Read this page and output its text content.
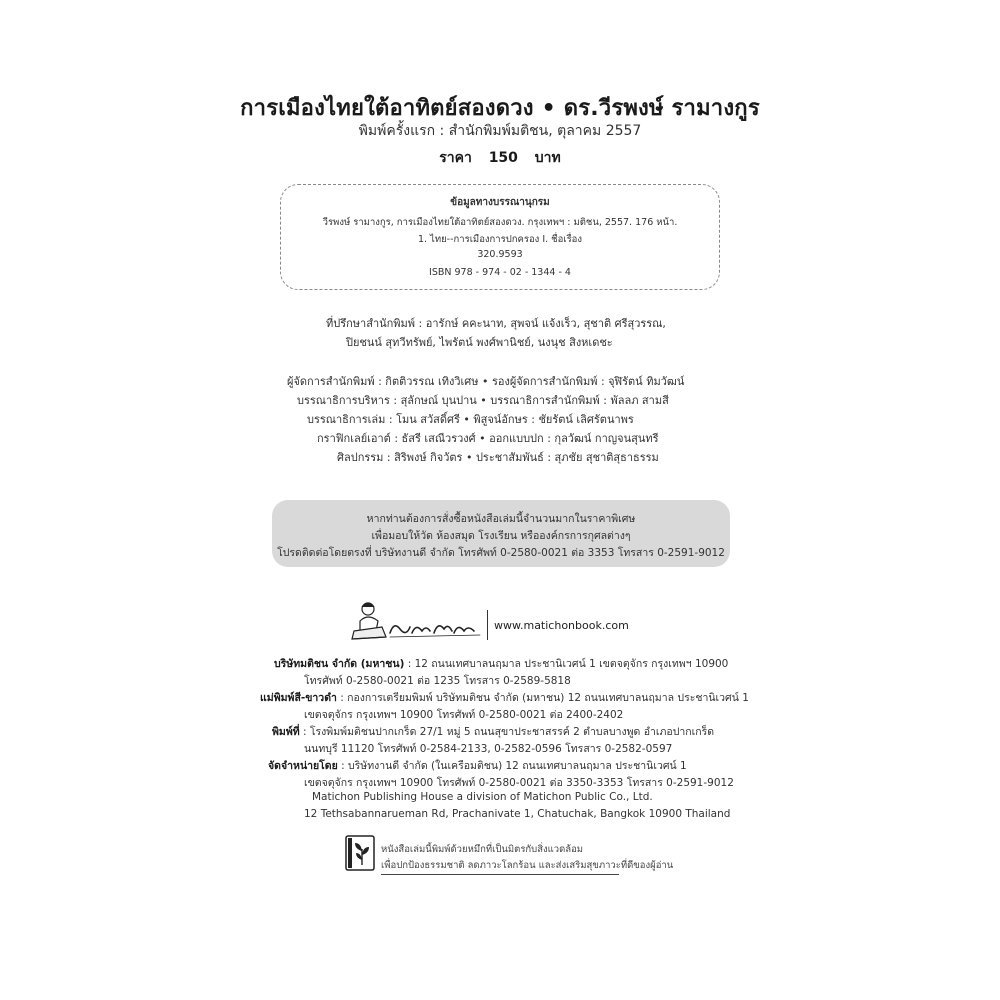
การเมืองไทยใต้อาทิตย์สองดวง • ดร.วีรพงษ์ รามางกูร
พิมพ์ครั้งแรก : สำนักพิมพ์มติชน, ตุลาคม 2557
ราคา 150 บาท
ข้อมูลทางบรรณานุกรม
วีรพงษ์ รามางกูร, การเมืองไทยใต้อาทิตย์สองดวง. กรุงเทพฯ : มติชน, 2557. 176 หน้า.
1. ไทย--การเมืองการปกครอง I. ชื่อเรื่อง
320.9593
ISBN 978 - 974 - 02 - 1344 - 4
ที่ปรึกษาสำนักพิมพ์ : อารักษ์ คคะนาท, สุพจน์ แจ้งเร็ว, สุชาติ ศรีสุวรรณ,
ปิยชนน์ สุทวีทรัพย์, ไพรัตน์ พงศ์พานิชย์, นงนุช สิงหเดชะ
ผู้จัดการสำนักพิมพ์ : กิตติวรรณ เทิงวิเศษ • รองผู้จัดการสำนักพิมพ์ : จุฬิรัตน์ ทิมวัฒน์
บรรณาธิการบริหาร : สุลักษณ์ บุนปาน • บรรณาธิการสำนักพิมพ์ : พัลลภ สามสี
บรรณาธิการเล่ม : โมน สวัสดิ์ศรี • พิสูจน์อักษร : ชัยรัตน์ เลิศรัตนาพร
กราฟิกเลย์เอาต์ : ธัสรี เสณีวรวงศ์ • ออกแบบปก : กุลวัฒน์ กาญจนสุนทรี
ศิลปกรรม : สิริพงษ์ กิจวัตร • ประชาสัมพันธ์ : สุภชัย สุชาติสุธาธรรม
หากท่านต้องการสั่งซื้อหนังสือเล่มนี้จำนวนมากในราคาพิเศษ
เพื่อมอบให้วัด ห้องสมุด โรงเรียน หรือองค์กรการกุศลต่างๆ
โปรดติดต่อโดยตรงที่ บริษัทงานดี จำกัด โทรศัพท์ 0-2580-0021 ต่อ 3353 โทรสาร 0-2591-9012
www.matichonbook.com
บริษัทมติชน จำกัด (มหาชน) : 12 ถนนเทศบาลนฤมาล ประชานิเวศน์ 1 เขตจตุจักร กรุงเทพฯ 10900
โทรศัพท์ 0-2580-0021 ต่อ 1235 โทรสาร 0-2589-5818
แม่พิมพ์สี-ขาวดำ : กองการเตรียมพิมพ์ บริษัทมติชน จำกัด (มหาชน) 12 ถนนเทศบาลนฤมาล ประชานิเวศน์ 1
เขตจตุจักร กรุงเทพฯ 10900 โทรศัพท์ 0-2580-0021 ต่อ 2400-2402
พิมพ์ที่ : โรงพิมพ์มติชนปากเกร็ด 27/1 หมู่ 5 ถนนสุขาประชาสรรค์ 2 ตำบลบางพูด อำเภอปากเกร็ด
นนทบุรี 11120 โทรศัพท์ 0-2584-2133, 0-2582-0596 โทรสาร 0-2582-0597
จัดจำหน่ายโดย : บริษัทงานดี จำกัด (ในเครือมติชน) 12 ถนนเทศบาลนฤมาล ประชานิเวศน์ 1
เขตจตุจักร กรุงเทพฯ 10900 โทรศัพท์ 0-2580-0021 ต่อ 3350-3353 โทรสาร 0-2591-9012
Matichon Publishing House a division of Matichon Public Co., Ltd.
12 Tethsabannarueman Rd, Prachanivate 1, Chatuchak, Bangkok 10900 Thailand
หนังสือเล่มนี้พิมพ์ด้วยหมึกที่เป็นมิตรกับสิ่งแวดล้อม
เพื่อปกป้องธรรมชาติ ลดภาวะโลกร้อน และส่งเสริมสุขภาวะที่ดีของผู้อ่าน
